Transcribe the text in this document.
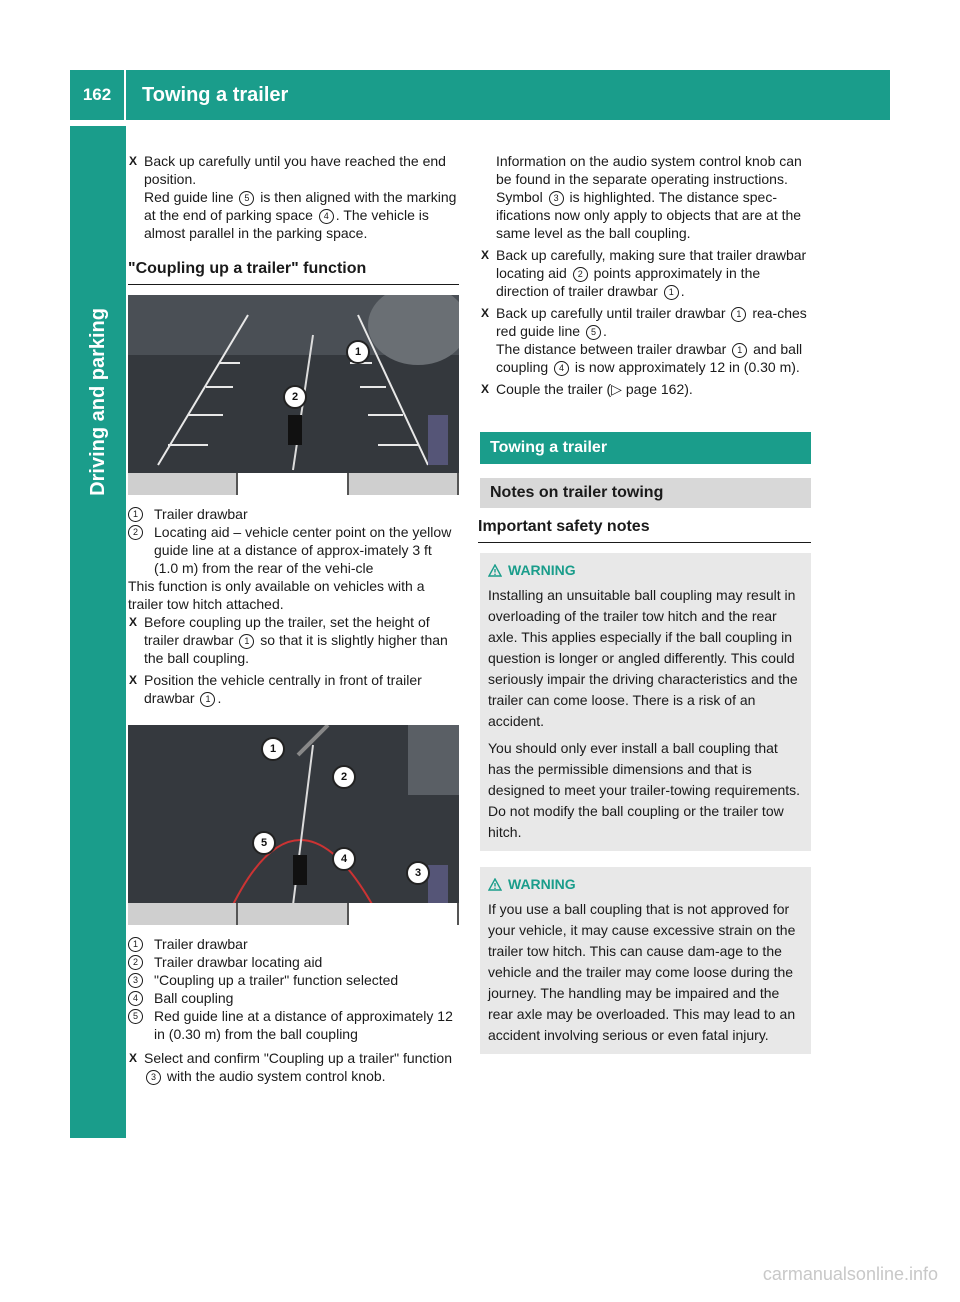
162	Towing a trailer
Driving and parking

X Back up carefully until you have reached the end position.
Red guide line 5 is then aligned with the marking at the end of parking space 4 . The vehicle is almost parallel in the parking space.

"Coupling up a trailer" function
1
2

1	Trailer drawbar

2	Locating aid – vehicle center point on the yellow guide line at a distance of approx-imately 3 ft (1.0 m) from the rear of the vehi-cle

This function is only available on vehicles with a trailer tow hitch attached.

X Before coupling up the trailer, set the height of trailer drawbar 1 so that it is slightly higher than the ball coupling.

X Position the vehicle centrally in front of trailer drawbar 1 .

1
2
5
4
3

1	Trailer drawbar

2	Trailer drawbar locating aid

3	"Coupling up a trailer" function selected

4	Ball coupling

5	Red guide line at a distance of approximately 12 in (0.30 m) from the ball coupling

X Select and confirm "Coupling up a trailer" function 3 with the audio system control knob.

Information on the audio system control knob can be found in the separate operating instructions.

Symbol 3 is highlighted. The distance spec-ifications now only apply to objects that are at the same level as the ball coupling.

X Back up carefully, making sure that trailer drawbar locating aid 2 points approximately in the direction of trailer drawbar 1 .

X Back up carefully until trailer drawbar 1 rea-ches red guide line 5 .

The distance between trailer drawbar 1 and ball coupling 4 is now approximately 12 in (0.30 m).

X Couple the trailer (▷ page 162).

Towing a trailer
Notes on trailer towing
Important safety notes

WARNING

Installing an unsuitable ball coupling may result in overloading of the trailer tow hitch and the rear axle. This applies especially if the ball coupling in question is longer or angled differently. This could seriously impair the driving characteristics and the trailer can come loose. There is a risk of an accident.

You should only ever install a ball coupling that has the permissible dimensions and that is designed to meet your trailer-towing requirements. Do not modify the ball coupling or the trailer tow hitch.

WARNING

If you use a ball coupling that is not approved for your vehicle, it may cause excessive strain on the trailer tow hitch. This can cause dam-age to the vehicle and the trailer may come loose during the journey. The handling may be impaired and the rear axle may be overloaded. This may lead to an accident involving serious or even fatal injury.

carmanualsonline.info
